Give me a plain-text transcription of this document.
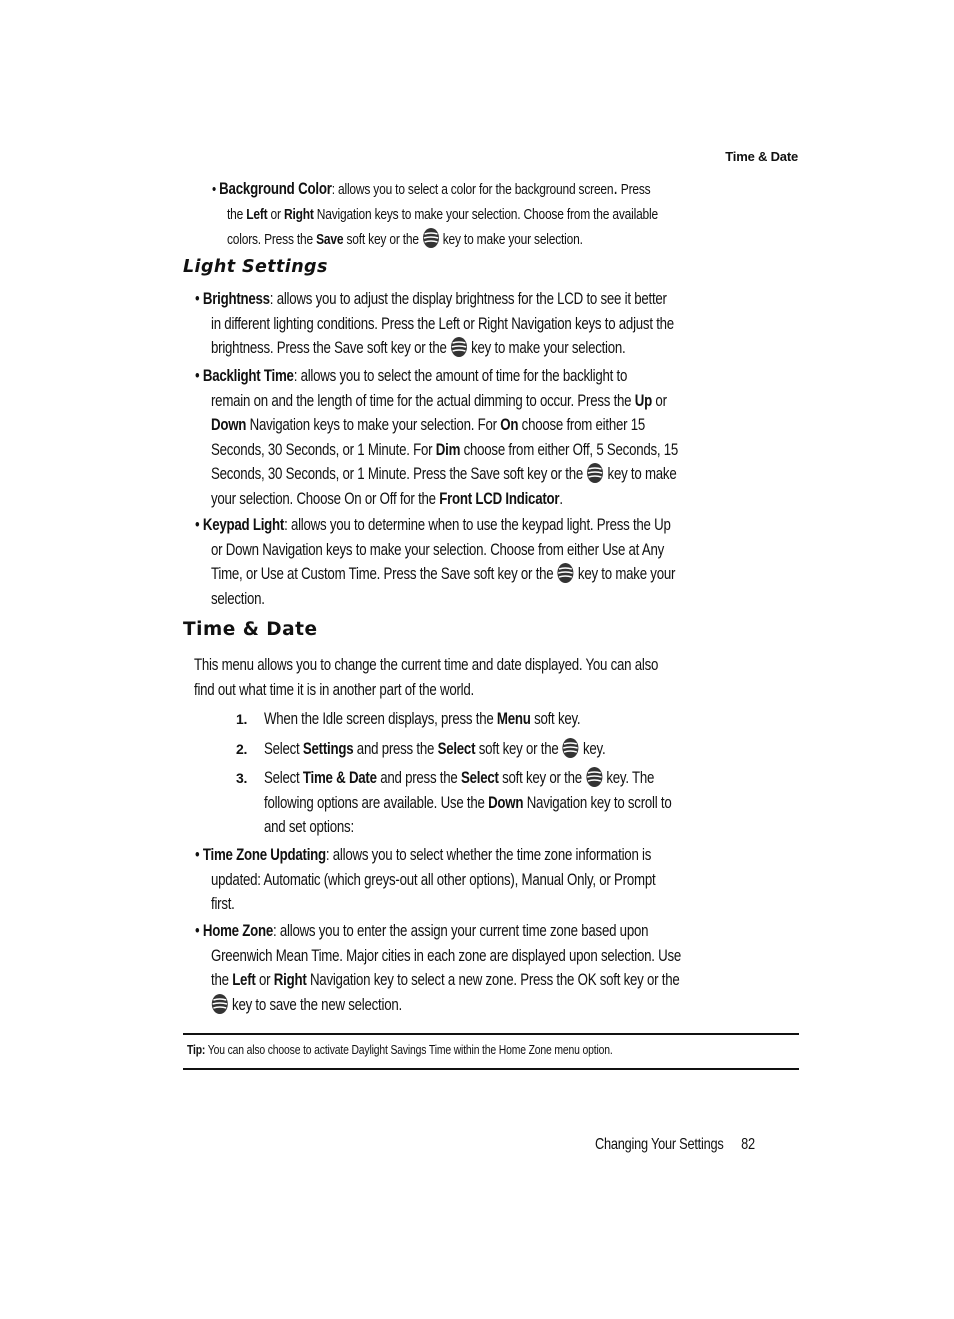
Time & Date
• Background Color: allows you to select a color for the background screen. Press
the Left or Right Navigation keys to make your selection. Choose from the available
colors. Press the Save soft key or the  key to make your selection.
Light Settings
• Brightness: allows you to adjust the display brightness for the LCD to see it better
in different lighting conditions. Press the Left or Right Navigation keys to adjust the
brightness. Press the Save soft key or the  key to make your selection.
• Backlight Time: allows you to select the amount of time for the backlight to
remain on and the length of time for the actual dimming to occur. Press the Up or
Down Navigation keys to make your selection. For On choose from either 15
Seconds, 30 Seconds, or 1 Minute. For Dim choose from either Off, 5 Seconds, 15
Seconds, 30 Seconds, or 1 Minute. Press the Save soft key or the  key to make
your selection. Choose On or Off for the Front LCD Indicator.
• Keypad Light: allows you to determine when to use the keypad light. Press the Up
or Down Navigation keys to make your selection. Choose from either Use at Any
Time, or Use at Custom Time. Press the Save soft key or the  key to make your
selection.
Time & Date
This menu allows you to change the current time and date displayed. You can also
find out what time it is in another part of the world.
1. When the Idle screen displays, press the Menu soft key.
2. Select Settings and press the Select soft key or the  key.
3. Select Time & Date and press the Select soft key or the  key. The
following options are available. Use the Down Navigation key to scroll to
and set options:
• Time Zone Updating: allows you to select whether the time zone information is
updated: Automatic (which greys-out all other options), Manual Only, or Prompt
first.
• Home Zone: allows you to enter the assign your current time zone based upon
Greenwich Mean Time. Major cities in each zone are displayed upon selection. Use
the Left or Right Navigation key to select a new zone. Press the OK soft key or the
key to save the new selection.
Tip: You can also choose to activate Daylight Savings Time within the Home Zone menu option.
Changing Your Settings 82
